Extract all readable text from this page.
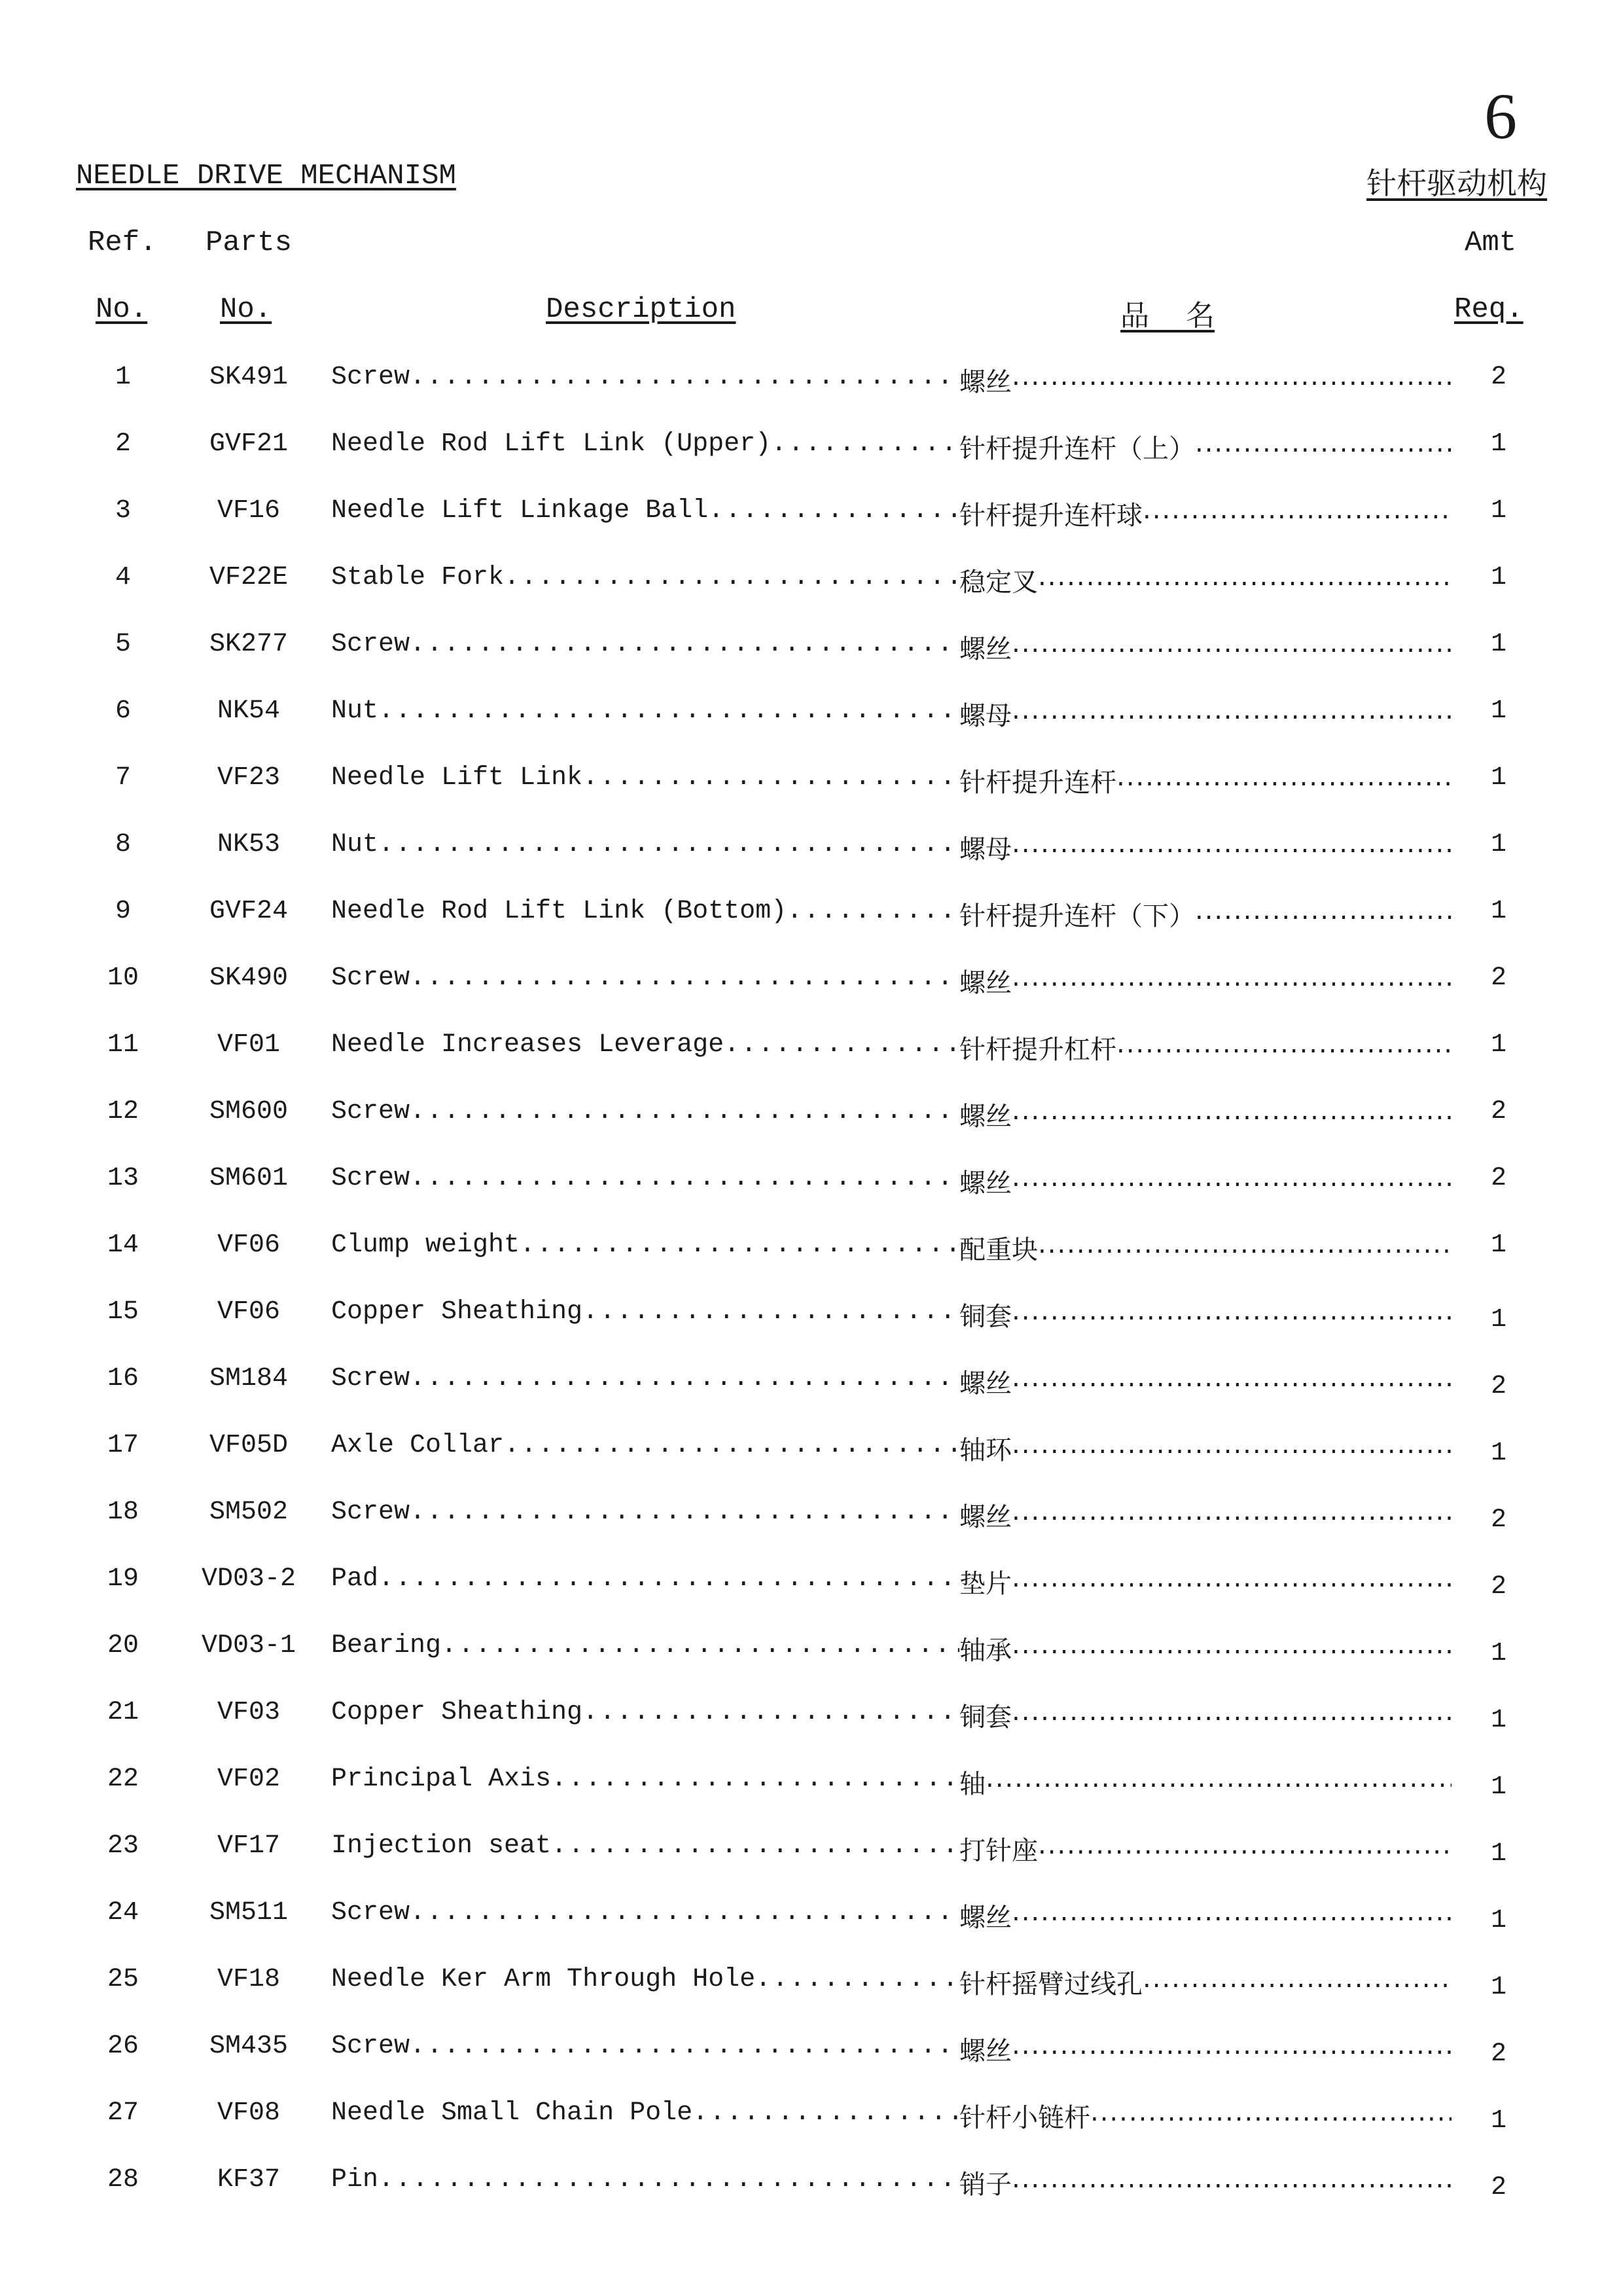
6
NEEDLE DRIVE MECHANISM	针杆驱动机构
Ref. Parts	Amt
No.	No.	Description	品    名	Req.
1	SK491	Screw .....	螺丝 .....	2
2	GVF21	Needle Rod Lift Link (Upper) .....	针杆提升连杆（上） .....	1
3	VF16	Needle Lift Linkage Ball .....	针杆提升连杆球 .....	1
4	VF22E	Stable Fork .....	稳定叉 .....	1
5	SK277	Screw .....	螺丝 .....	1
6	NK54	Nut .....	螺母 .....	1
7	VF23	Needle Lift Link .....	针杆提升连杆 .....	1
8	NK53	Nut .....	螺母 .....	1
9	GVF24	Needle Rod Lift Link (Bottom) .....	针杆提升连杆（下） .....	1
10	SK490	Screw .....	螺丝 .....	2
11	VF01	Needle Increases Leverage .....	针杆提升杠杆 .....	1
12	SM600	Screw .....	螺丝 .....	2
13	SM601	Screw .....	螺丝 .....	2
14	VF06	Clump weight .....	配重块 .....	1
15	VF06	Copper Sheathing .....	铜套 .....	1
16	SM184	Screw .....	螺丝 .....	2
17	VF05D	Axle Collar .....	轴环 .....	1
18	SM502	Screw .....	螺丝 .....	2
19	VD03-2 Pad .....	垫片 .....	2
20	VD03-1 Bearing .....	轴承 .....	1
21	VF03	Copper Sheathing .....	铜套 .....	1
22	VF02	Principal Axis .....	轴 .....	1
23	VF17	Injection seat .....	打针座 .....	1
24	SM511	Screw .....	螺丝 .....	1
25	VF18	Needle Ker Arm Through Hole .....	针杆摇臂过线孔 .....	1
26	SM435	Screw .....	螺丝 .....	2
27	VF08	Needle Small Chain Pole .....	针杆小链杆 .....	1
28	KF37	Pin .....	销子 .....	2
